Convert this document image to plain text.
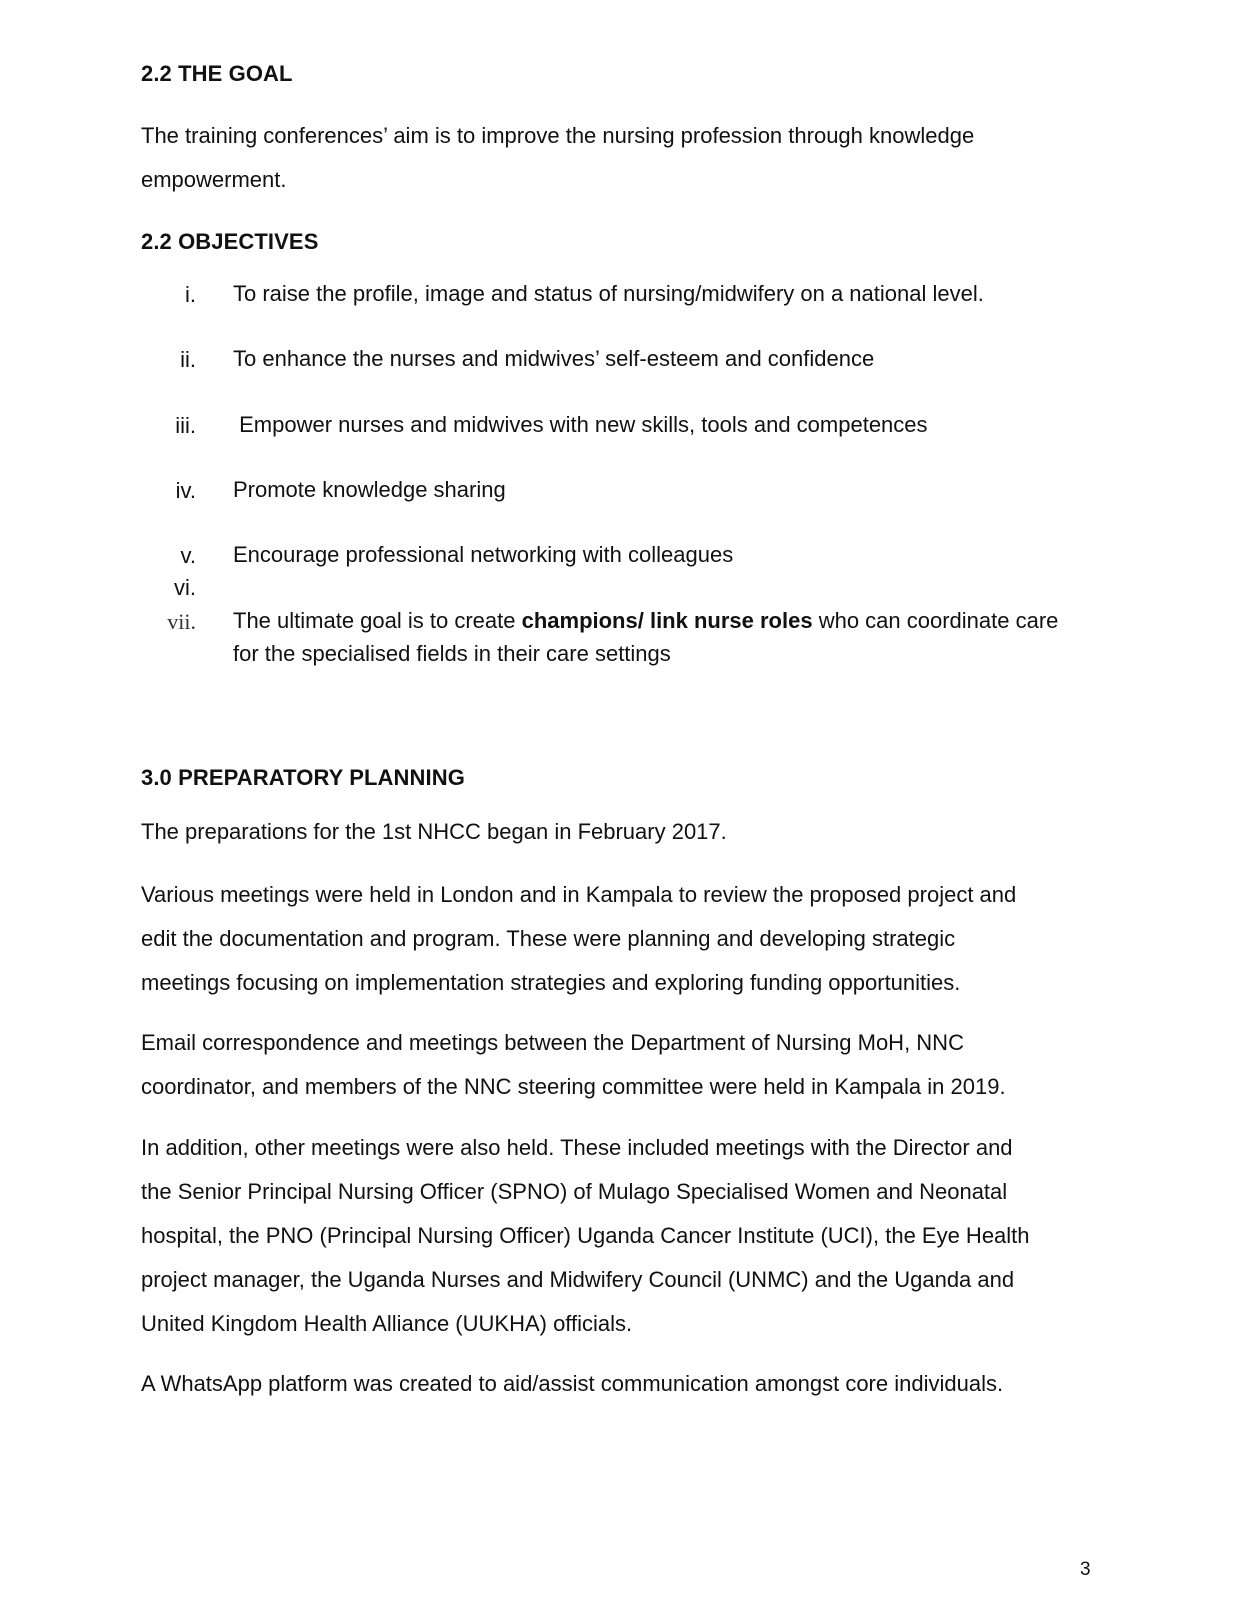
2.2 THE GOAL
The training conferences’ aim is to improve the nursing profession through knowledge
empowerment.
2.2 OBJECTIVES
i. To raise the profile, image and status of nursing/midwifery on a national level.
ii. To enhance the nurses and midwives’ self-esteem and confidence
iii. Empower nurses and midwives with new skills, tools and competences
iv. Promote knowledge sharing
v. Encourage professional networking with colleagues
vi.
vii. The ultimate goal is to create champions/ link nurse roles who can coordinate care
for the specialised fields in their care settings
3.0 PREPARATORY PLANNING
The preparations for the 1st NHCC began in February 2017.
Various meetings were held in London and in Kampala to review the proposed project and
edit the documentation and program. These were planning and developing strategic
meetings focusing on implementation strategies and exploring funding opportunities.
Email correspondence and meetings between the Department of Nursing MoH, NNC
coordinator, and members of the NNC steering committee were held in Kampala in 2019.
In addition, other meetings were also held. These included meetings with the Director and
the Senior Principal Nursing Officer (SPNO) of Mulago Specialised Women and Neonatal
hospital, the PNO (Principal Nursing Officer) Uganda Cancer Institute (UCI), the Eye Health
project manager, the Uganda Nurses and Midwifery Council (UNMC) and the Uganda and
United Kingdom Health Alliance (UUKHA) officials.
A WhatsApp platform was created to aid/assist communication amongst core individuals.
3
